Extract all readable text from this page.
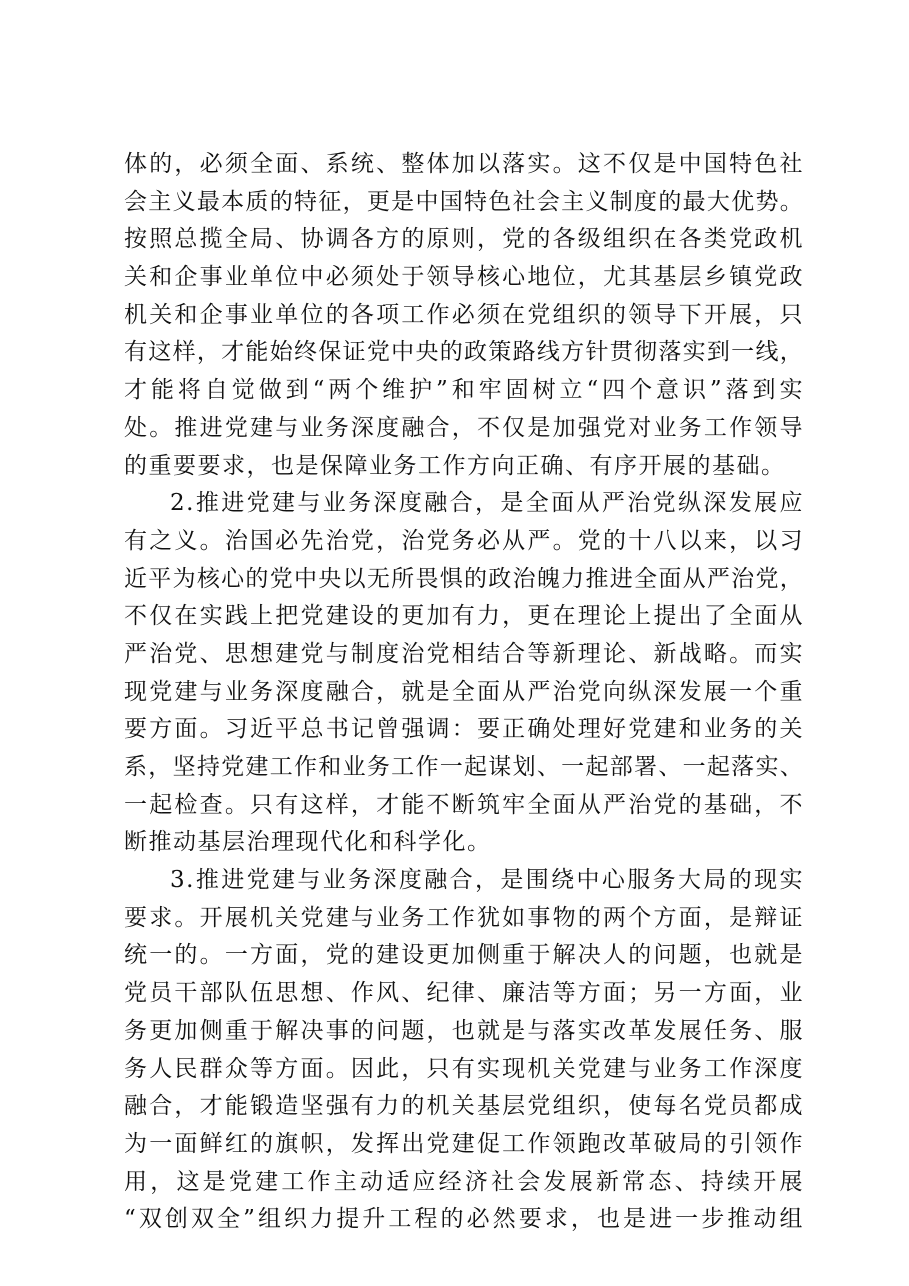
体的，必须全面、系统、整体加以落实。这不仅是中国特色社
会主义最本质的特征，更是中国特色社会主义制度的最大优势。
按照总揽全局、协调各方的原则，党的各级组织在各类党政机
关和企事业单位中必须处于领导核心地位，尤其基层乡镇党政
机关和企事业单位的各项工作必须在党组织的领导下开展，只
有这样，才能始终保证党中央的政策路线方针贯彻落实到一线，
才能将自觉做到“两个维护”和牢固树立“四个意识”落到实
处。推进党建与业务深度融合，不仅是加强党对业务工作领导
的重要要求，也是保障业务工作方向正确、有序开展的基础。
2.推进党建与业务深度融合，是全面从严治党纵深发展应
有之义。治国必先治党，治党务必从严。党的十八以来，以习
近平为核心的党中央以无所畏惧的政治魄力推进全面从严治党，
不仅在实践上把党建设的更加有力，更在理论上提出了全面从
严治党、思想建党与制度治党相结合等新理论、新战略。而实
现党建与业务深度融合，就是全面从严治党向纵深发展一个重
要方面。习近平总书记曾强调：要正确处理好党建和业务的关
系，坚持党建工作和业务工作一起谋划、一起部署、一起落实、
一起检查。只有这样，才能不断筑牢全面从严治党的基础，不
断推动基层治理现代化和科学化。
3.推进党建与业务深度融合，是围绕中心服务大局的现实
要求。开展机关党建与业务工作犹如事物的两个方面，是辩证
统一的。一方面，党的建设更加侧重于解决人的问题，也就是
党员干部队伍思想、作风、纪律、廉洁等方面；另一方面，业
务更加侧重于解决事的问题，也就是与落实改革发展任务、服
务人民群众等方面。因此，只有实现机关党建与业务工作深度
融合，才能锻造坚强有力的机关基层党组织，使每名党员都成
为一面鲜红的旗帜，发挥出党建促工作领跑改革破局的引领作
用，这是党建工作主动适应经济社会发展新常态、持续开展
“双创双全”组织力提升工程的必然要求，也是进一步推动组
